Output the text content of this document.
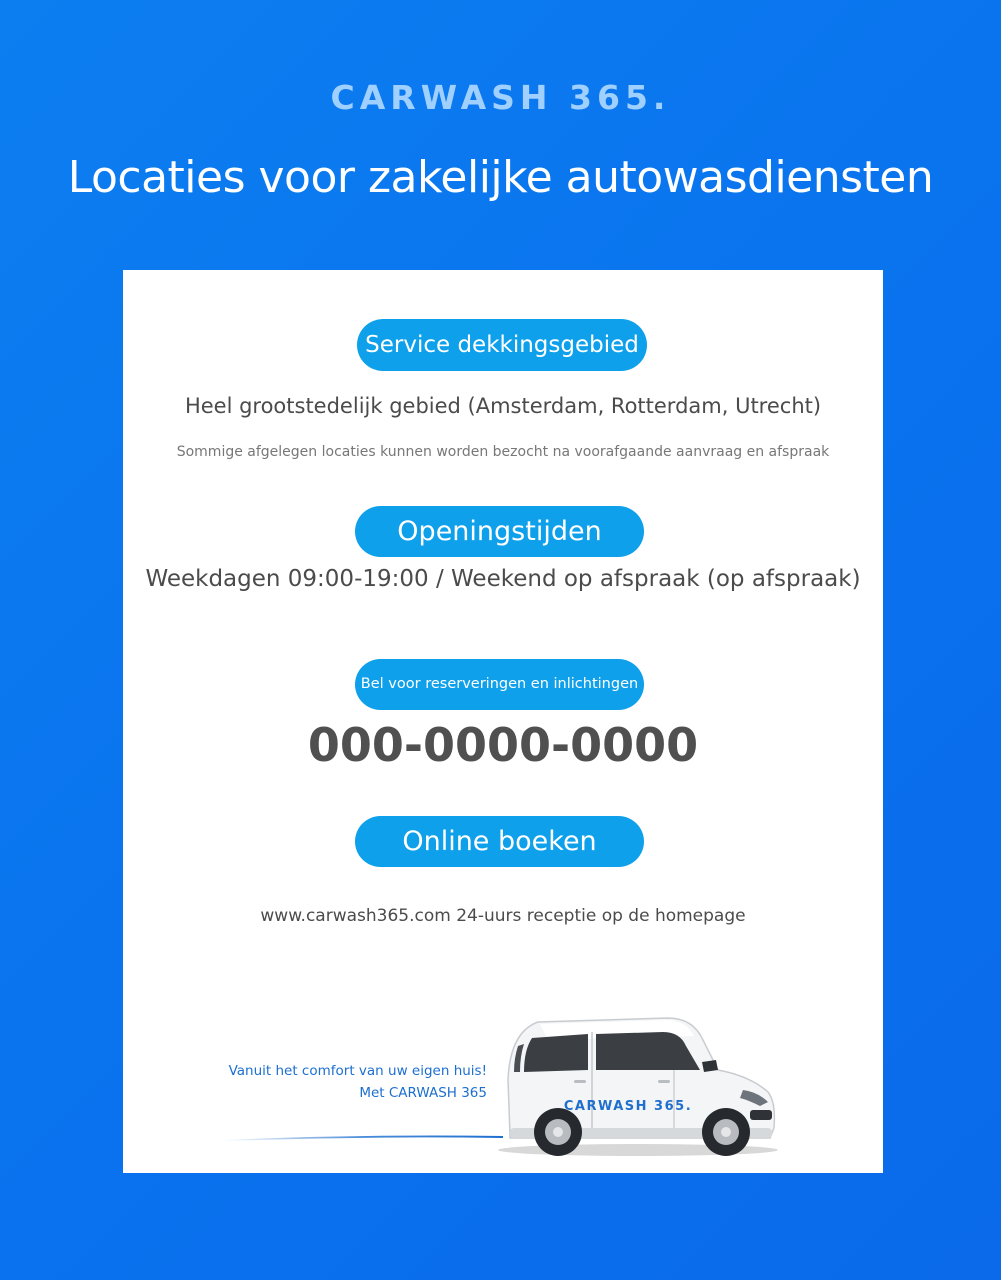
CARWASH 365.
Locaties voor zakelijke autowasdiensten
Service dekkingsgebied
Heel grootstedelijk gebied (Amsterdam, Rotterdam, Utrecht)
Sommige afgelegen locaties kunnen worden bezocht na voorafgaande aanvraag en afspraak
Openingstijden
Weekdagen 09:00-19:00 / Weekend op afspraak (op afspraak)
Bel voor reserveringen en inlichtingen
000-0000-0000
Online boeken
www.carwash365.com 24-uurs receptie op de homepage
Vanuit het comfort van uw eigen huis!
Met CARWASH 365
CARWASH 365.
